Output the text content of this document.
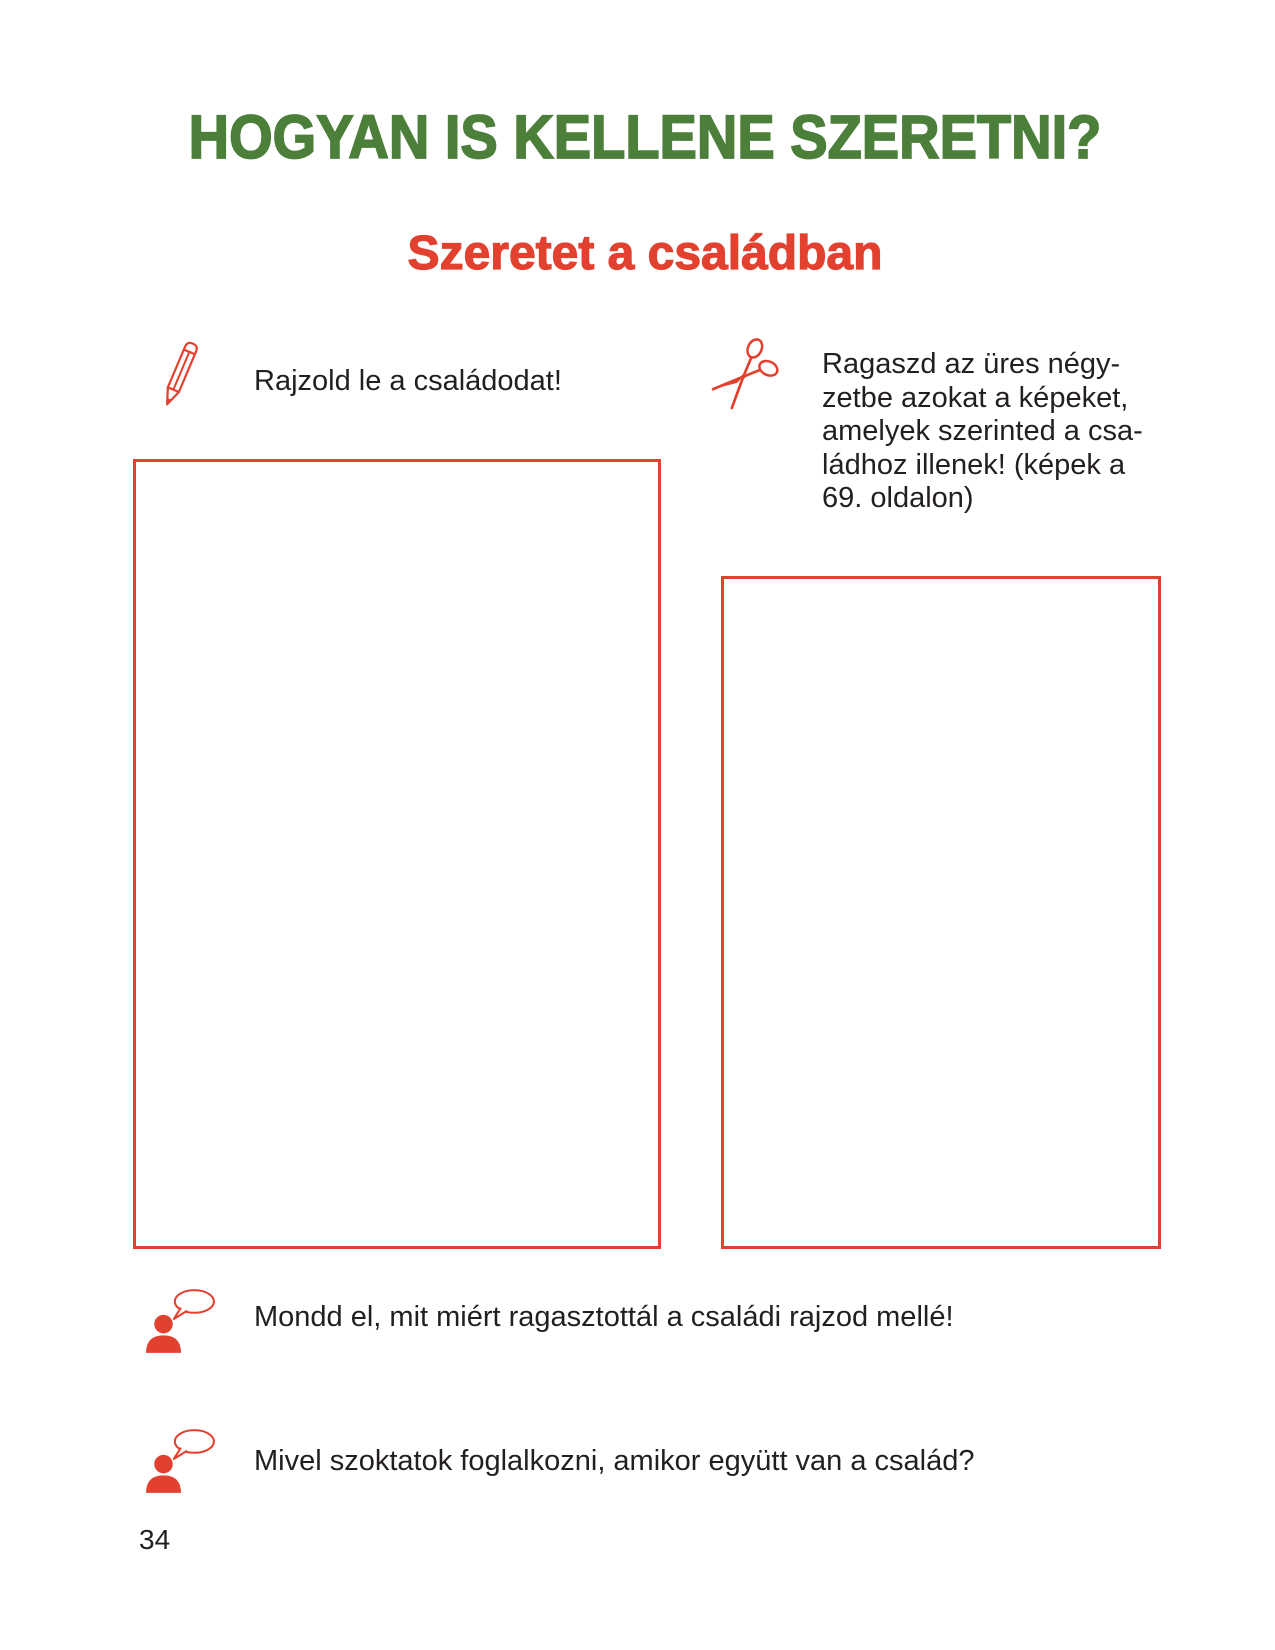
HOGYAN IS KELLENE SZERETNI?
Szeretet a családban
Rajzold le a családodat!
Ragaszd az üres négy-
zetbe azokat a képeket,
amelyek szerinted a csa-
ládhoz illenek! (képek a
69. oldalon)
Mondd el, mit miért ragasztottál a családi rajzod mellé!
Mivel szoktatok foglalkozni, amikor együtt van a család?
34
